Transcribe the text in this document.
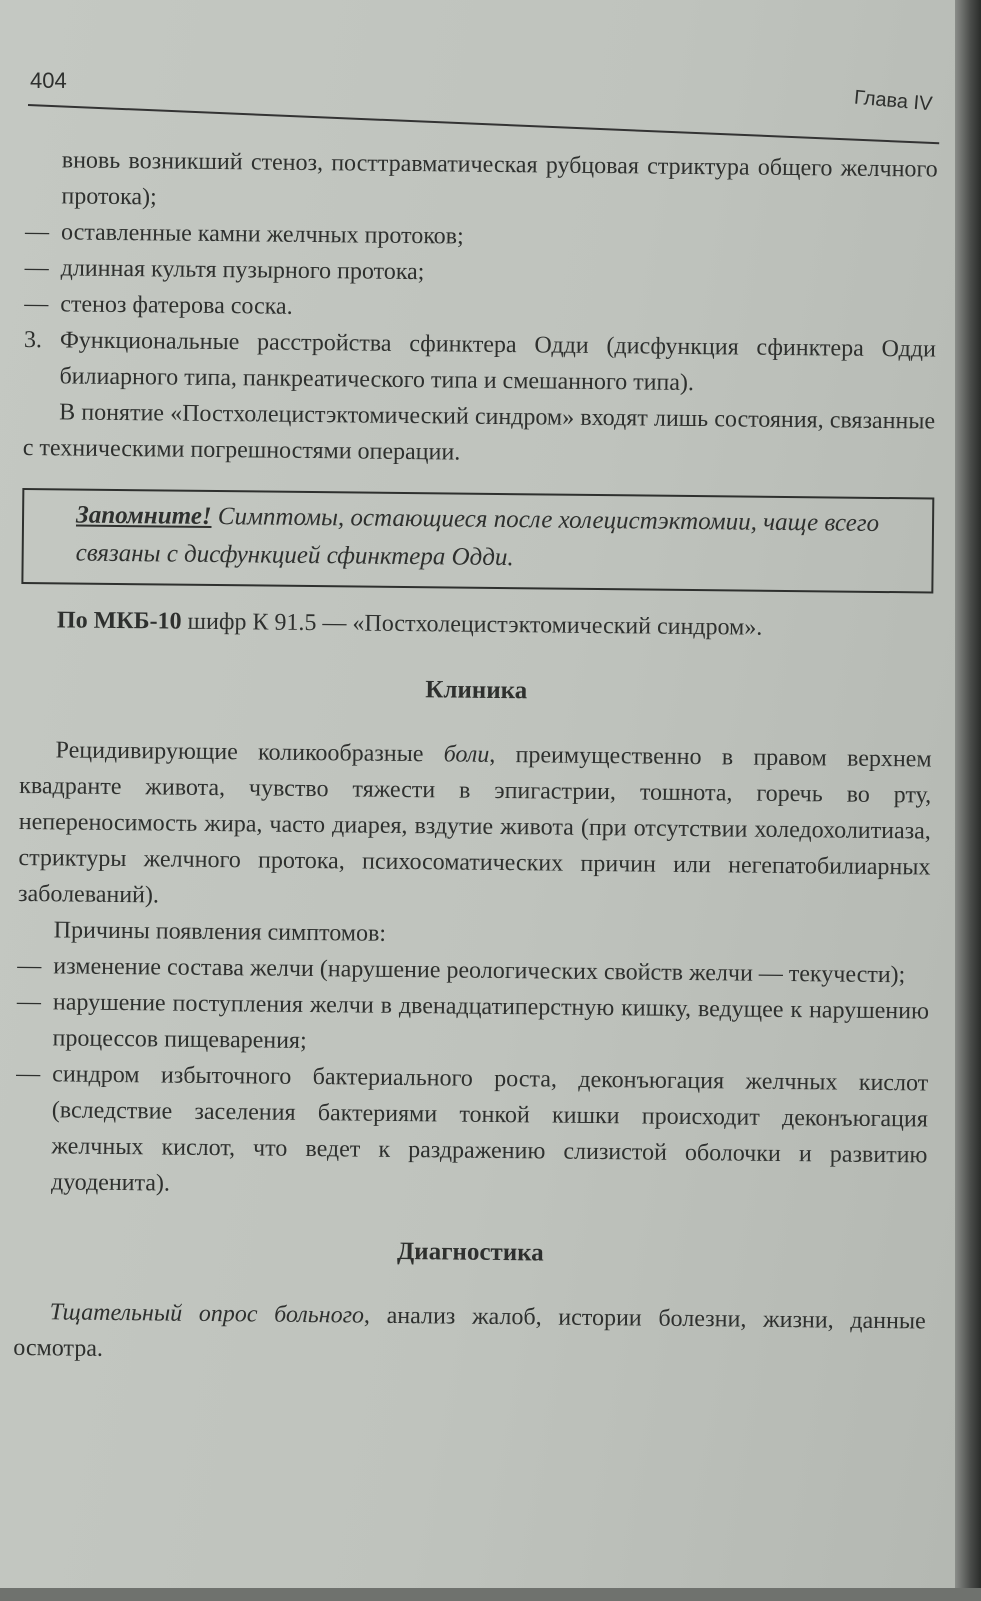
404
Глава IV

вновь возникший стеноз, посттравматическая рубцовая стриктура общего желчного протока);

— оставленные камни желчных протоков;
— длинная культя пузырного протока;
— стеноз фатерова соска.
3. Функциональные расстройства сфинктера Одди (дисфункция сфинктера Одди билиарного типа, панкреатического типа и смешанного типа).

В понятие «Постхолецистэктомический синдром» входят лишь состояния, связанные с техническими погрешностями операции.

Запомните! Симптомы, остающиеся после холецистэктомии, чаще всего связаны с дисфункцией сфинктера Одди.

По МКБ-10 шифр К 91.5 — «Постхолецистэктомический синдром».

Клиника

Рецидивирующие коликообразные боли, преимущественно в правом верхнем квадранте живота, чувство тяжести в эпигастрии, тошнота, горечь во рту, непереносимость жира, часто диарея, вздутие живота (при отсутствии холедохолитиаза, стриктуры желчного протока, психосоматических причин или негепатобилиарных заболеваний).

Причины появления симптомов:

— изменение состава желчи (нарушение реологических свойств желчи — текучести);
— нарушение поступления желчи в двенадцатиперстную кишку, ведущее к нарушению процессов пищеварения;
— синдром избыточного бактериального роста, деконъюгация желчных кислот (вследствие заселения бактериями тонкой кишки происходит деконъюгация желчных кислот, что ведет к раздражению слизистой оболочки и развитию дуоденита).
Диагностика

Тщательный опрос больного, анализ жалоб, истории болезни, жизни, данные осмотра.
